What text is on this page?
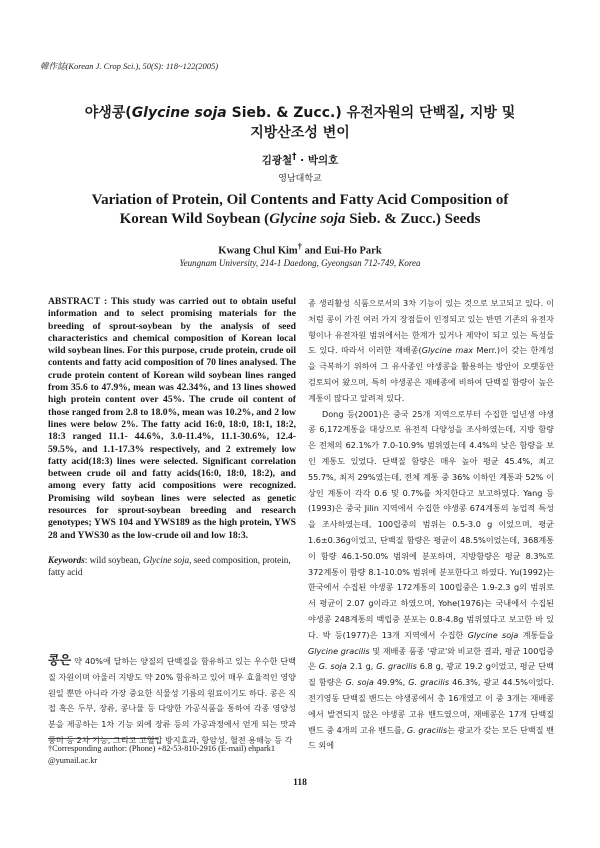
韓作誌(Korean J. Crop Sci.), 50(S): 118~122(2005)
야생콩(Glycine soja Sieb. & Zucc.) 유전자원의 단백질, 지방 및
지방산조성 변이
김광철† · 박의호
영남대학교
Variation of Protein, Oil Contents and Fatty Acid Composition of
Korean Wild Soybean (Glycine soja Sieb. & Zucc.) Seeds
Kwang Chul Kim† and Eui-Ho Park
Yeungnam University, 214-1 Daedong, Gyeongsan 712-749, Korea

ABSTRACT : This study was carried out to obtain useful information and to select promising materials for the breeding of sprout-soybean by the analysis of seed characteristics and chemical composition of Korean local wild soybean lines. For this purpose, crude protein, crude oil contents and fatty acid composition of 70 lines analysed. The crude protein content of Korean wild soybean lines ranged from 35.6 to 47.9%, mean was 42.34%, and 13 lines showed high protein content over 45%. The crude oil content of those ranged from 2.8 to 18.0%, mean was 10.2%, and 2 low lines were below 2%. The fatty acid 16:0, 18:0, 18:1, 18:2, 18:3 ranged 11.1- 44.6%, 3.0-11.4%, 11.1-30.6%, 12.4-59.5%, and 1.1-17.3% respectively, and 2 extremely low fatty acid(18:3) lines were selected. Significant correlation between crude oil and fatty acids(16:0, 18:0, 18:2), and among every fatty acid compositions were recognized. Promising wild soybean lines were selected as genetic resources for sprout-soybean breeding and research genotypes; YWS 104 and YWS189 as the high protein, YWS 28 and YWS30 as the low-crude oil and low 18:3.

Keywords: wild soybean, Glycine soja, seed composition, protein, fatty acid

콩은 약 40%에 달하는 양질의 단백질을 함유하고 있는 우수한 단백질 자원이며 아울러 지방도 약 20% 함유하고 있어 매우 효율적인 영양원일 뿐만 아니라 가장 중요한 식물성 기름의 원료이기도 하다. 콩은 직접 혹은 두부, 장류, 콩나물 등 다양한 가공식품을 통하여 각종 영양성분을 제공하는 1차 기능 외에 장류 등의 가공과정에서 얻게 되는 맛과 풍미 등 2차 기능, 그리고 고혈압 방지효과, 항암성, 혈전 용해능 등 각

†Corresponding author: (Phone) +82-53-810-2916 (E-mail) ehpark1
@yumail.ac.kr

종 생리활성 식품으로서의 3차 기능이 있는 것으로 보고되고 있다. 이처럼 콩이 가진 여러 가지 장점들이 인정되고 있는 반면 기존의 유전자형이나 유전자원 범위에서는 한계가 있거나 제약이 되고 있는 특성들도 있다. 따라서 이러한 재배종(Glycine max Merr.)이 갖는 한계성을 극복하기 위하여 그 유사종인 야생콩을 활용하는 방안이 오랫동안 검토되어 왔으며, 특히 야생콩은 재배종에 비하여 단백질 함량이 높은 계통이 많다고 알려져 있다.

Dong 등(2001)은 중국 25개 지역으로부터 수집한 일년생 야생콩 6,172계통을 대상으로 유전적 다양성을 조사하였는데, 지방 함량은 전체의 62.1%가 7.0-10.9% 범위였는데 4.4%의 낮은 함량을 보인 계통도 있었다. 단백질 함량은 매우 높아 평균 45.4%, 최고 55.7%, 최저 29%였는데, 전체 계통 중 36% 이하인 계통과 52% 이상인 계통이 각각 0.6 및 0.7%를 차지한다고 보고하였다. Yang 등(1993)은 중국 Jilin 지역에서 수집한 야생콩 674계통의 농업적 특성을 조사하였는데, 100립중의 범위는 0.5-3.0 g 이었으며, 평균 1.6±0.36g이었고, 단백질 함량은 평균이 48.5%이었는데, 368계통이 함량 46.1-50.0% 범위에 분포하며, 지방함량은 평균 8.3%로 372계통이 함량 8.1-10.0% 범위에 분포한다고 하였다. Yu(1992)는 한국에서 수집된 야생콩 172계통의 100립중은 1.9-2.3 g의 범위로서 평균이 2.07 g이라고 하였으며, Yohe(1976)는 국내에서 수집된 야생콩 248계통의 백립중 분포는 0.8-4.8g 범위였다고 보고한 바 있다. 박 등(1977)은 13개 지역에서 수집한 Glycine soja 계통들을 Glycine gracilis 및 재배종 품종 '광교'와 비교한 결과, 평균 100립중은 G. soja 2.1 g, G. gracilis 6.8 g, 광교 19.2 g이었고, 평균 단백질 함량은 G. soja 49.9%, G. gracilis 46.3%, 광교 44.5%이었다. 전기영동 단백질 밴드는 야생콩에서 총 16개였고 이 중 3개는 재배콩에서 발견되지 않은 야생콩 고유 밴드였으며, 재배콩은 17개 단백질 밴드 중 4개의 고유 밴드를, G. gracilis는 광교가 갖는 모든 단백질 밴드 외에

118
